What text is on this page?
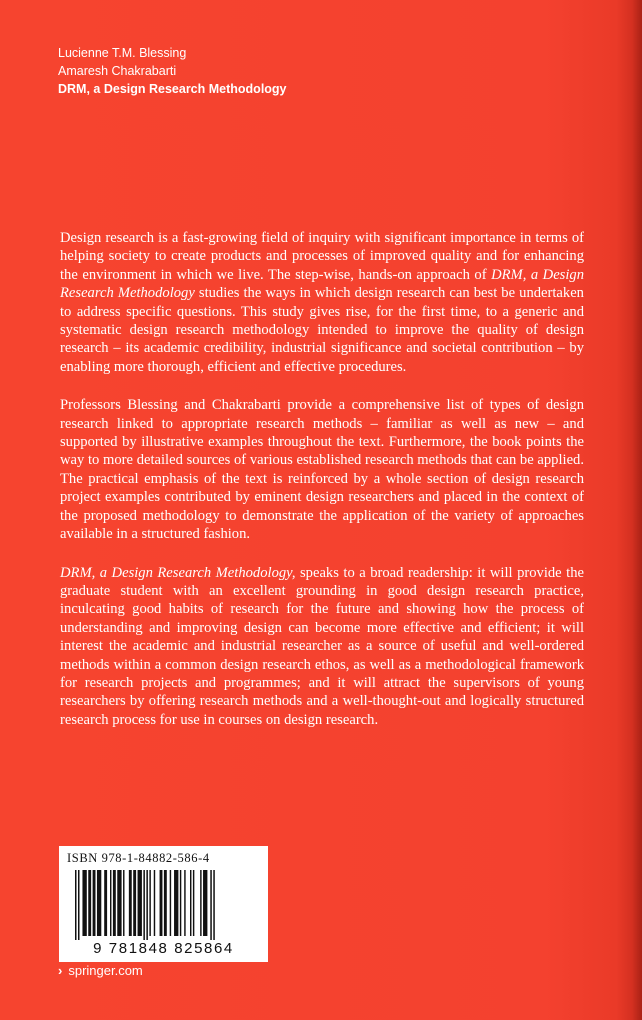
Lucienne T.M. Blessing
Amaresh Chakrabarti
DRM, a Design Research Methodology

Design research is a fast-growing field of inquiry with significant importance in terms of helping society to create products and processes of improved quality and for enhancing the environment in which we live. The step-wise, hands-on approach of DRM, a Design Research Methodology studies the ways in which design research can best be undertaken to address specific questions. This study gives rise, for the first time, to a generic and systematic design research methodology intended to improve the quality of design research – its academic credibility, industrial significance and societal contribution – by enabling more thorough, efficient and effective procedures.

Professors Blessing and Chakrabarti provide a comprehensive list of types of design research linked to appropriate research methods – familiar as well as new – and supported by illustrative examples throughout the text. Furthermore, the book points the way to more detailed sources of various established research methods that can be applied. The practical emphasis of the text is reinforced by a whole section of design research project examples contributed by eminent design researchers and placed in the context of the proposed methodology to demonstrate the application of the variety of approaches available in a structured fashion.

DRM, a Design Research Methodology, speaks to a broad readership: it will provide the graduate student with an excellent grounding in good design research practice, inculcating good habits of research for the future and showing how the process of understanding and improving design can become more effective and efficient; it will interest the academic and industrial researcher as a source of useful and well-ordered methods within a common design research ethos, as well as a methodological framework for research projects and programmes; and it will attract the supervisors of young researchers by offering research methods and a well-thought-out and logically structured research process for use in courses on design research.

ISBN 978-1-84882-586-4
9 781848 825864
› springer.com
